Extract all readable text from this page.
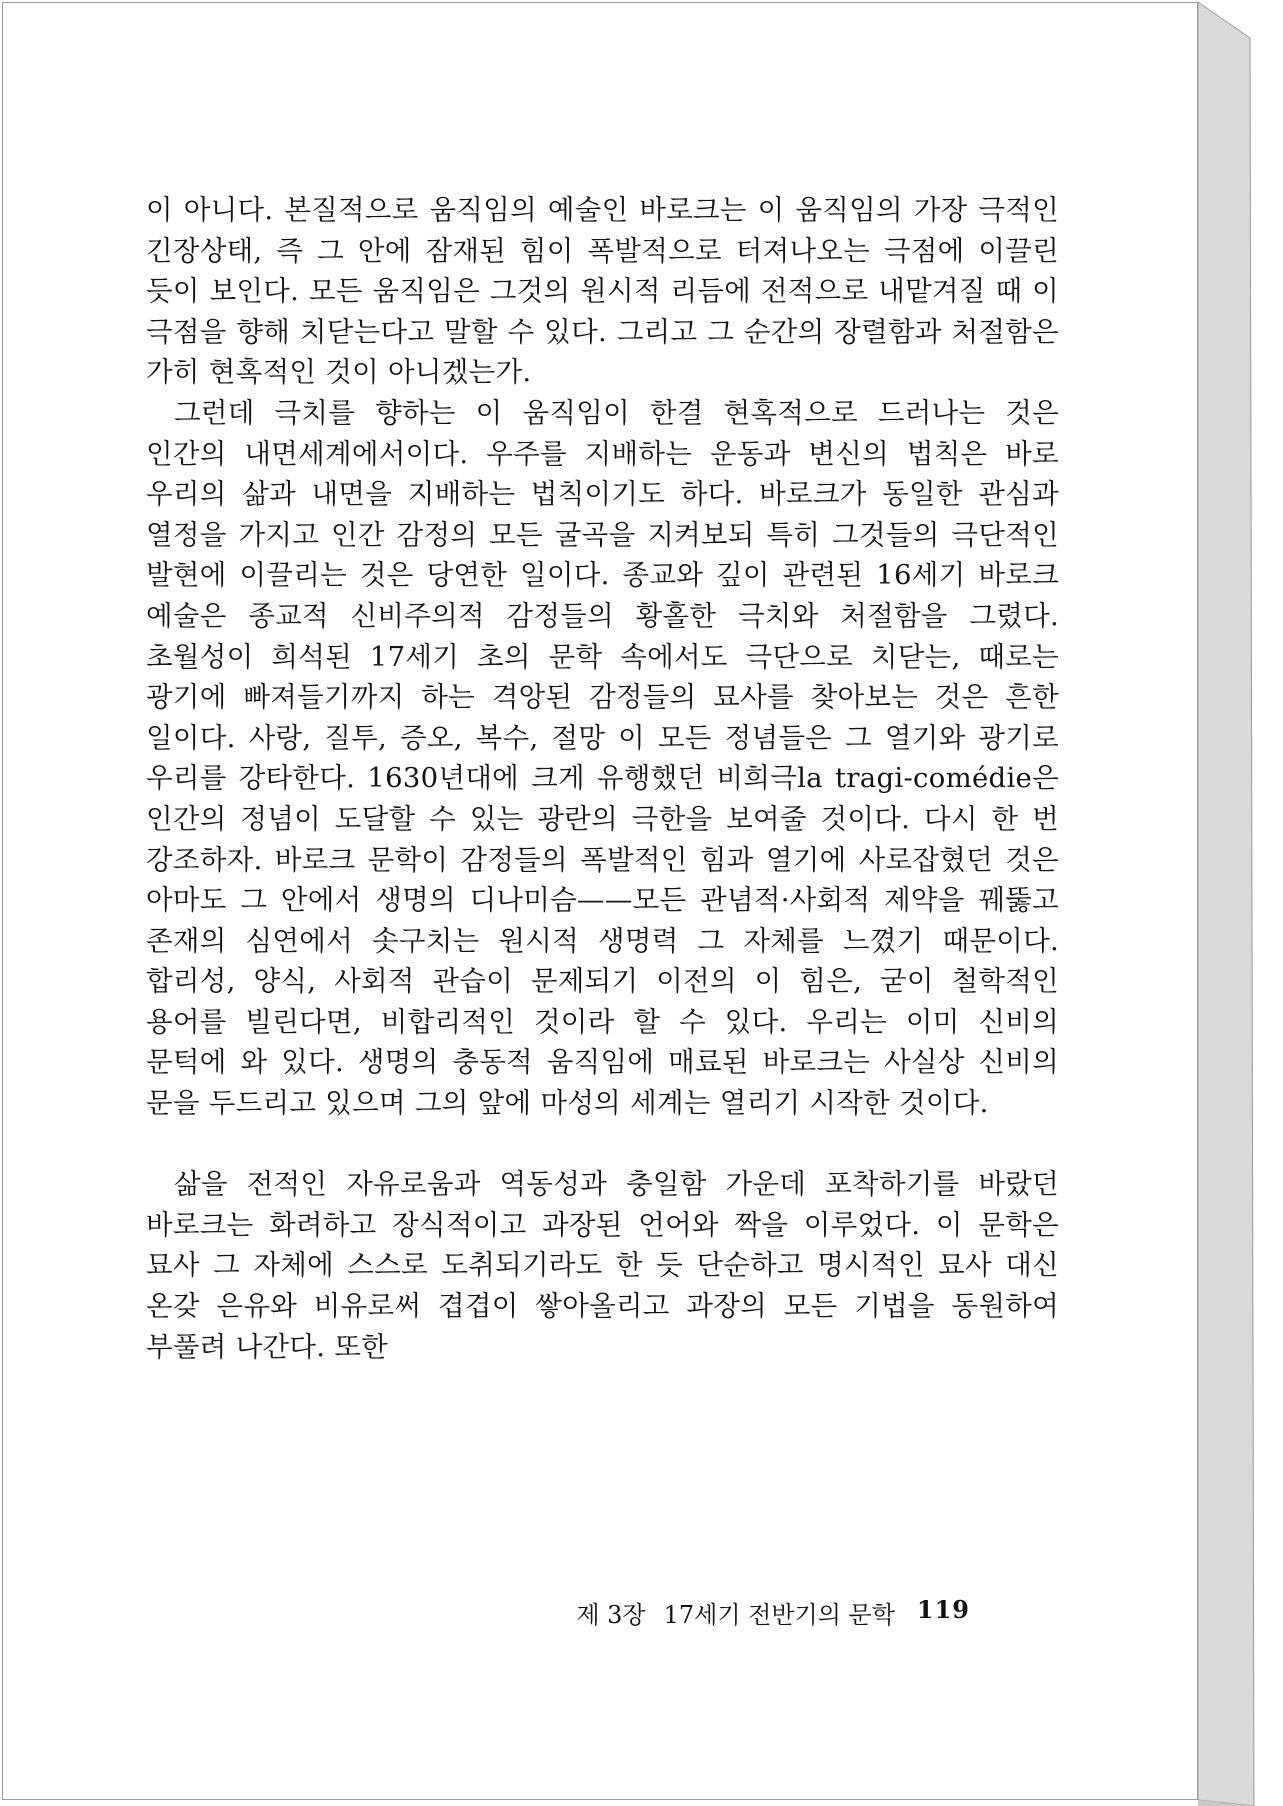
이 아니다. 본질적으로 움직임의 예술인 바로크는 이 움직임의 가장 극적인 긴장상태, 즉 그 안에 잠재된 힘이 폭발적으로 터져나오는 극점에 이끌린 듯이 보인다. 모든 움직임은 그것의 원시적 리듬에 전적으로 내맡겨질 때 이 극점을 향해 치닫는다고 말할 수 있다. 그리고 그 순간의 장렬함과 처절함은 가히 현혹적인 것이 아니겠는가.

그런데 극치를 향하는 이 움직임이 한결 현혹적으로 드러나는 것은 인간의 내면세계에서이다. 우주를 지배하는 운동과 변신의 법칙은 바로 우리의 삶과 내면을 지배하는 법칙이기도 하다. 바로크가 동일한 관심과 열정을 가지고 인간 감정의 모든 굴곡을 지켜보되 특히 그것들의 극단적인 발현에 이끌리는 것은 당연한 일이다. 종교와 깊이 관련된 16세기 바로크 예술은 종교적 신비주의적 감정들의 황홀한 극치와 처절함을 그렸다. 초월성이 희석된 17세기 초의 문학 속에서도 극단으로 치닫는, 때로는 광기에 빠져들기까지 하는 격앙된 감정들의 묘사를 찾아보는 것은 흔한 일이다. 사랑, 질투, 증오, 복수, 절망 이 모든 정념들은 그 열기와 광기로 우리를 강타한다. 1630년대에 크게 유행했던 비희극la tragi-comédie은 인간의 정념이 도달할 수 있는 광란의 극한을 보여줄 것이다. 다시 한 번 강조하자. 바로크 문학이 감정들의 폭발적인 힘과 열기에 사로잡혔던 것은 아마도 그 안에서 생명의 디나미슴——모든 관념적·사회적 제약을 꿰뚫고 존재의 심연에서 솟구치는 원시적 생명력 그 자체를 느꼈기 때문이다. 합리성, 양식, 사회적 관습이 문제되기 이전의 이 힘은, 굳이 철학적인 용어를 빌린다면, 비합리적인 것이라 할 수 있다. 우리는 이미 신비의 문턱에 와 있다. 생명의 충동적 움직임에 매료된 바로크는 사실상 신비의 문을 두드리고 있으며 그의 앞에 마성의 세계는 열리기 시작한 것이다.

삶을 전적인 자유로움과 역동성과 충일함 가운데 포착하기를 바랐던 바로크는 화려하고 장식적이고 과장된 언어와 짝을 이루었다. 이 문학은 묘사 그 자체에 스스로 도취되기라도 한 듯 단순하고 명시적인 묘사 대신 온갖 은유와 비유로써 겹겹이 쌓아올리고 과장의 모든 기법을 동원하여 부풀려 나간다. 또한

제 3장 17세기 전반기의 문학 119
